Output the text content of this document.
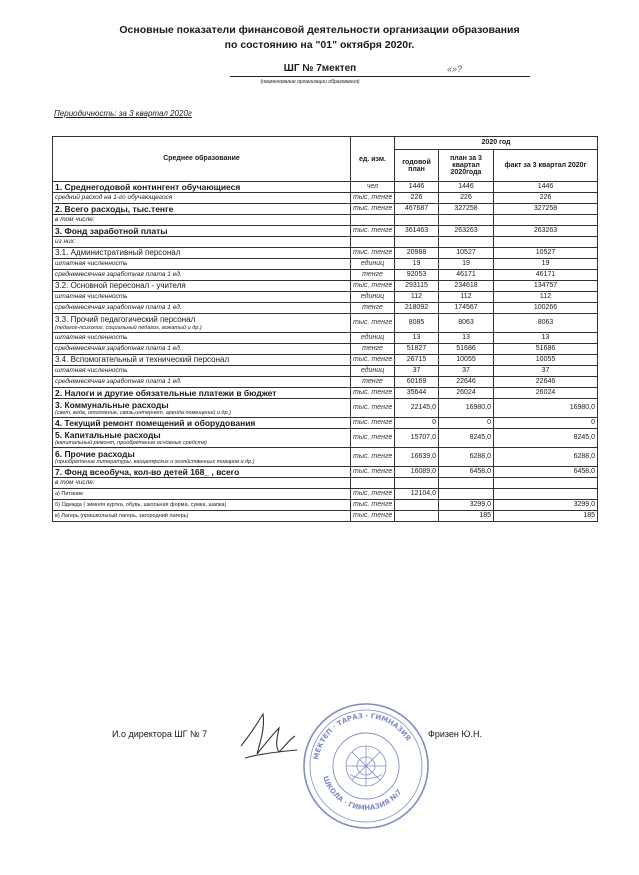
Основные показатели финансовой деятельности организации образования
по состоянию на "01" октября 2020г.
ШГ № 7мектеп	«»?
(наименование организации образования)
Периодичность: за 3 квартал 2020г
Среднее образование	ед. изм.	2020 год		
		годовой план	план за 3 квартал 2020года	факт за 3 квартал 2020г
1. Среднегодовой контингент обучающиеся	чел	1446	1446	1446
средний расход на 1-го обучающегося	тыс. тенге	226	226	226
2. Всего расходы, тыс.тенге	тыс. тенге	467687	327258	327258
в том числе:				
3. Фонд заработной платы	тыс. тенге	361463	263263	263263
из них:				
3.1. Административный персонал	тыс. тенге	20988	10527	10527
штатная численность	единиц	19	19	19
среднемесячная заработная плата 1 ед.	тенге	92053	46171	46171
3.2. Основной пересонал - учителя	тыс. тенге	293115	234618	134757
штатная численность	единиц	112	112	112
среднемесячная заработная плата 1 ед.	тенге	218092	174567	100266

3.3. Прочий педагогический персонал
(педагог-психолог, социальный педагог, вожатый и др.)	тыс. тенге	8085	8063	8063
штатная численность	единиц	13	13	13
среднемесячная заработная плата 1 ед.	тенге	51827	51686	51686
3.4. Вспомогательный и технический персонал	тыс. тенге	26715	10055	10055
штатная численность	единиц	37	37	37
среднемесячная заработная плата 1 ед.	тенге	60169	22646	22646
2. Налоги и другие обязательные платежи в бюджет	тыс. тенге	35644	26024	26024

3. Коммунальные расходы
(свет, вода, отопление, связь,интернет, аренда помещений и др.)	тыс. тенге	22145,0	16980,0	16980,0
4. Текущий ремонт помещений и оборудования	тыс. тенге	0	0	0

5. Капитальные расходы
(капитальный ремонт, приобретение основных средств)	тыс. тенге	15707,0	8245,0	8245,0

6. Прочие расходы
(приобретение литературы, канцелярских и хозяйственных товаров и др.)	тыс. тенге	16639,0	6288,0	6288,0
7. Фонд всеобуча, кол-во детей 168_ , всего	тыс. тенге	16089,0	6458,0	6458,0
в том числе:				
а) Питание	тыс. тенге	12104,0		
б) Одежда ( зимняя куртка, обувь, школьная форма, сумка, шапка)	тыс. тенге		3299,0	3299,0
в) Лагерь (пришкольный лагерь, загородний лагерь)	тыс. тенге		185	185
И.о директора ШГ № 7
МЕКТЕП · ТАРАЗ · ГИМНАЗИЯ
ШКОЛА · ГИМНАЗИЯ №7
Фризен Ю.Н.
